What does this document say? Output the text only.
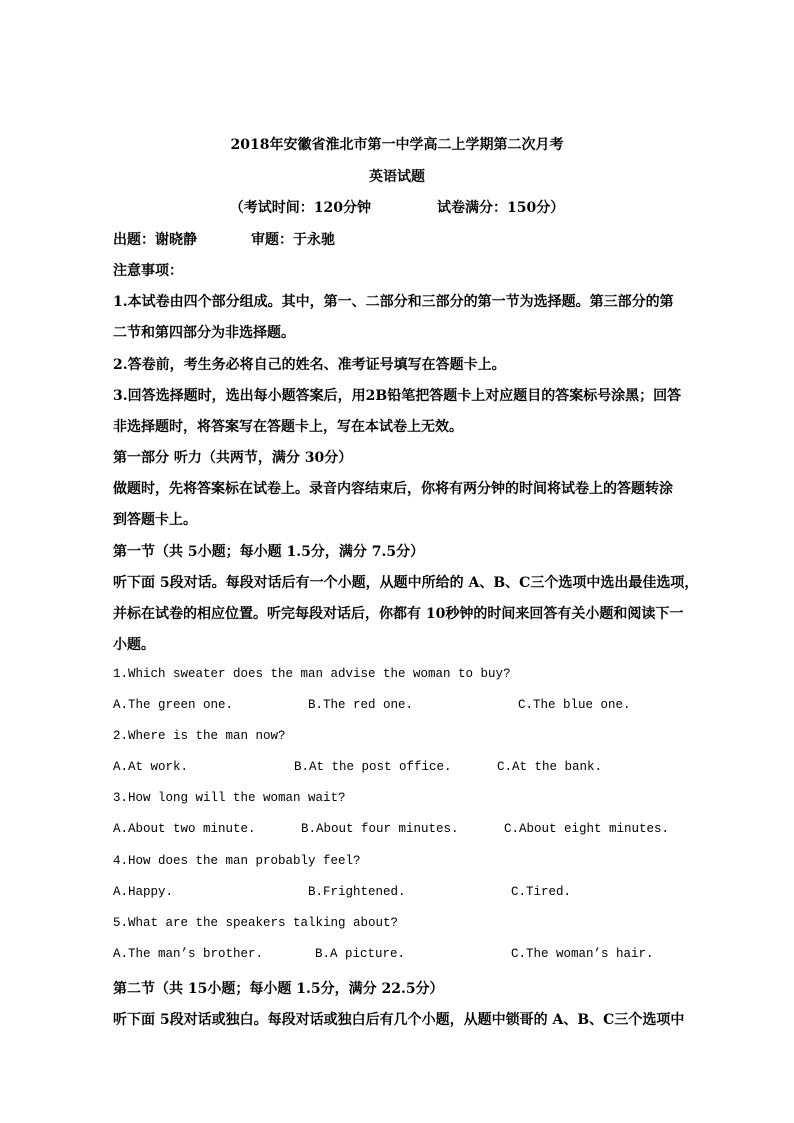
2018年安徽省淮北市第一中学高二上学期第二次月考
英语试题
（考试时间：120分钟	试卷满分：150分）
出题：谢晓静	审题：于永驰
注意事项：
1.本试卷由四个部分组成。其中，第一、二部分和三部分的第一节为选择题。第三部分的第
二节和第四部分为非选择题。
2.答卷前，考生务必将自己的姓名、准考证号填写在答题卡上。
3.回答选择题时，选出每小题答案后，用2B铅笔把答题卡上对应题目的答案标号涂黑；回答
非选择题时，将答案写在答题卡上，写在本试卷上无效。
第一部分 听力（共两节，满分 30分）
做题时，先将答案标在试卷上。录音内容结束后，你将有两分钟的时间将试卷上的答题转涂
到答题卡上。
第一节（共 5小题；每小题 1.5分，满分 7.5分）
听下面 5段对话。每段对话后有一个小题，从题中所给的 A、B、C三个选项中选出最佳选项，
并标在试卷的相应位置。听完每段对话后，你都有 10秒钟的时间来回答有关小题和阅读下一
小题。
1.Which sweater does the man advise the woman to buy?
A.The green one.	B.The red one.	C.The blue one.
2.Where is the man now?
A.At work.	B.At the post office.	C.At the bank.
3.How long will the woman wait?
A.About two minute.	B.About four minutes.	C.About eight minutes.
4.How does the man probably feel?
A.Happy.	B.Frightened.	C.Tired.
5.What are the speakers talking about?
A.The man’s brother.	B.A picture.	C.The woman’s hair.
第二节（共 15小题；每小题 1.5分，满分 22.5分）
听下面 5段对话或独白。每段对话或独白后有几个小题，从题中锁哥的 A、B、C三个选项中
